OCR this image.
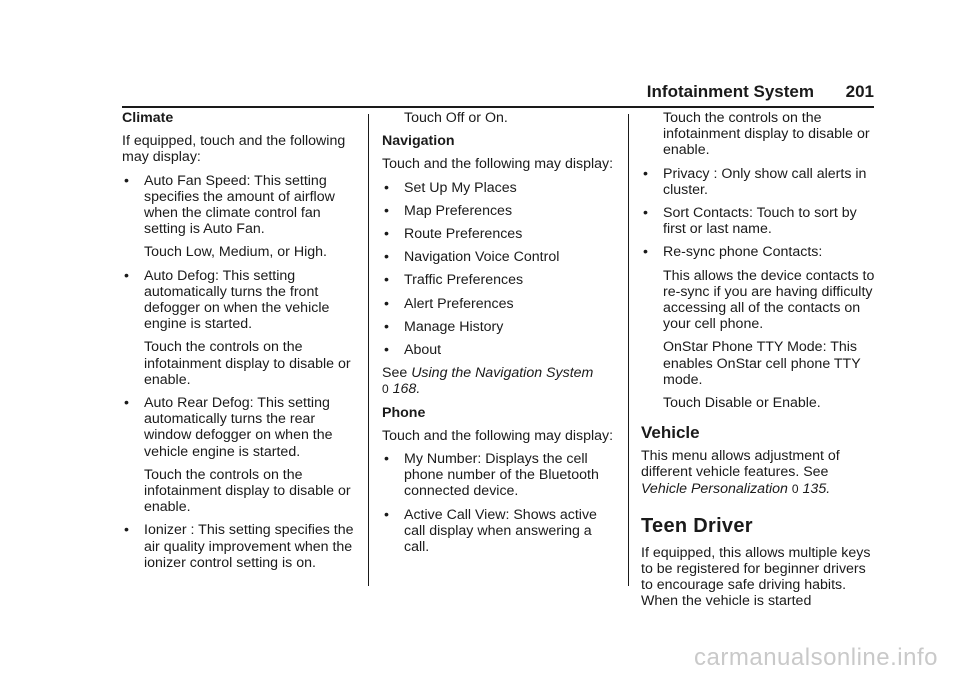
Infotainment System 201

Climate

If equipped, touch and the following may display:

• Auto Fan Speed: This setting specifies the amount of airflow when the climate control fan setting is Auto Fan.

Touch Low, Medium, or High.

• Auto Defog: This setting automatically turns the front defogger on when the vehicle engine is started.

Touch the controls on the infotainment display to disable or enable.

• Auto Rear Defog: This setting automatically turns the rear window defogger on when the vehicle engine is started.

Touch the controls on the infotainment display to disable or enable.

• Ionizer : This setting specifies the air quality improvement when the ionizer control setting is on.

Touch Off or On.

Navigation

Touch and the following may display:

• Set Up My Places

• Map Preferences

• Route Preferences

• Navigation Voice Control

• Traffic Preferences

• Alert Preferences

• Manage History

• About

See Using the Navigation System
0 168.

Phone

Touch and the following may display:

• My Number: Displays the cell phone number of the Bluetooth connected device.

• Active Call View: Shows active call display when answering a call.

Touch the controls on the infotainment display to disable or enable.

• Privacy : Only show call alerts in cluster.

• Sort Contacts: Touch to sort by first or last name.

• Re-sync phone Contacts:

This allows the device contacts to re-sync if you are having difficulty accessing all of the contacts on your cell phone.

OnStar Phone TTY Mode: This enables OnStar cell phone TTY mode.

Touch Disable or Enable.

Vehicle

This menu allows adjustment of different vehicle features. See
Vehicle Personalization 0 135.

Teen Driver

If equipped, this allows multiple keys to be registered for beginner drivers to encourage safe driving habits. When the vehicle is started

carmanualsonline.info
